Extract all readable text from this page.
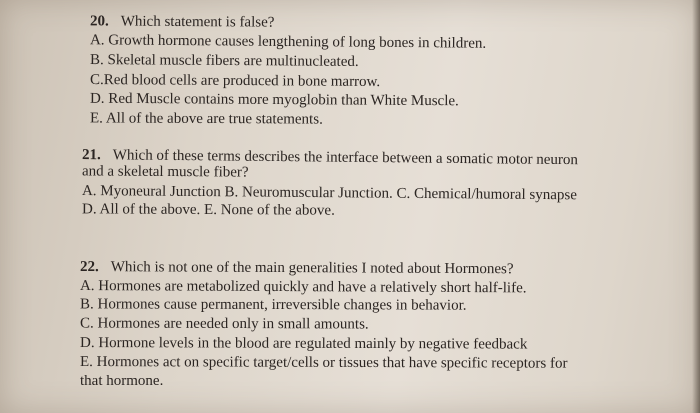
20. Which statement is false?
A. Growth hormone causes lengthening of long bones in children.
B. Skeletal muscle fibers are multinucleated.
C.Red blood cells are produced in bone marrow.
D. Red Muscle contains more myoglobin than White Muscle.
E. All of the above are true statements.
21. Which of these terms describes the interface between a somatic motor neuron
and a skeletal muscle fiber?
A. Myoneural Junction B. Neuromuscular Junction. C. Chemical/humoral synapse
D. All of the above. E. None of the above.
22. Which is not one of the main generalities I noted about Hormones?
A. Hormones are metabolized quickly and have a relatively short half-life.
B. Hormones cause permanent, irreversible changes in behavior.
C. Hormones are needed only in small amounts.
D. Hormone levels in the blood are regulated mainly by negative feedback
E. Hormones act on specific target/cells or tissues that have specific receptors for
that hormone.
